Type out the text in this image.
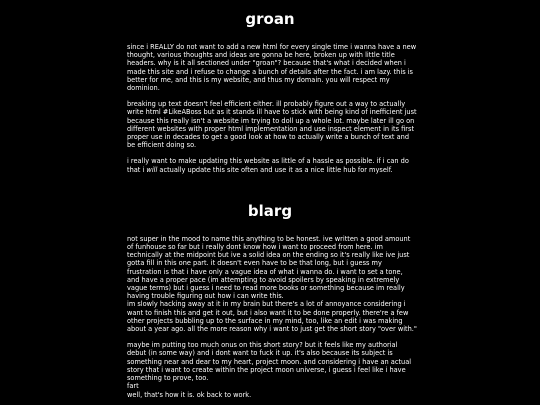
groan

since i REALLY do not want to add a new html for every single time i wanna have a new thought, various thoughts and ideas are gonna be here, broken up with little title headers. why is it all sectioned under "groan"? because that's what i decided when i made this site and i refuse to change a bunch of details after the fact. i am lazy. this is better for me, and this is my website, and thus my domain. you will respect my dominion.

breaking up text doesn't feel efficient either. ill probably figure out a way to actually write html #LikeABoss but as it stands ill have to stick with being kind of inefficient just because this really isn't a website im trying to doll up a whole lot. maybe later ill go on different websites with proper html implementation and use inspect element in its first proper use in decades to get a good look at how to actually write a bunch of text and be efficient doing so.

i really want to make updating this website as little of a hassle as possible. if i can do that i will actually update this site often and use it as a nice little hub for myself.

blarg

not super in the mood to name this anything to be honest. ive written a good amount of funhouse so far but i really dont know how i want to proceed from here. im technically at the midpoint but ive a solid idea on the ending so it's really like ive just gotta fill in this one part. it doesn't even have to be that long, but i guess my frustration is that i have only a vague idea of what i wanna do. i want to set a tone, and have a proper pace (im attempting to avoid spoilers by speaking in extremely vague terms) but i guess i need to read more books or something because im really having trouble figuring out how i can write this.

im slowly hacking away at it in my brain but there's a lot of annoyance considering i want to finish this and get it out, but i also want it to be done properly. there're a few other projects bubbling up to the surface in my mind, too, like an edit i was making about a year ago. all the more reason why i want to just get the short story "over with."

maybe im putting too much onus on this short story? but it feels like my authorial debut (in some way) and i dont want to fuck it up. it's also because its subject is something near and dear to my heart, project moon. and considering i have an actual story that i want to create within the project moon universe, i guess i feel like i have something to prove, too.

fart

well, that's how it is. ok back to work.
